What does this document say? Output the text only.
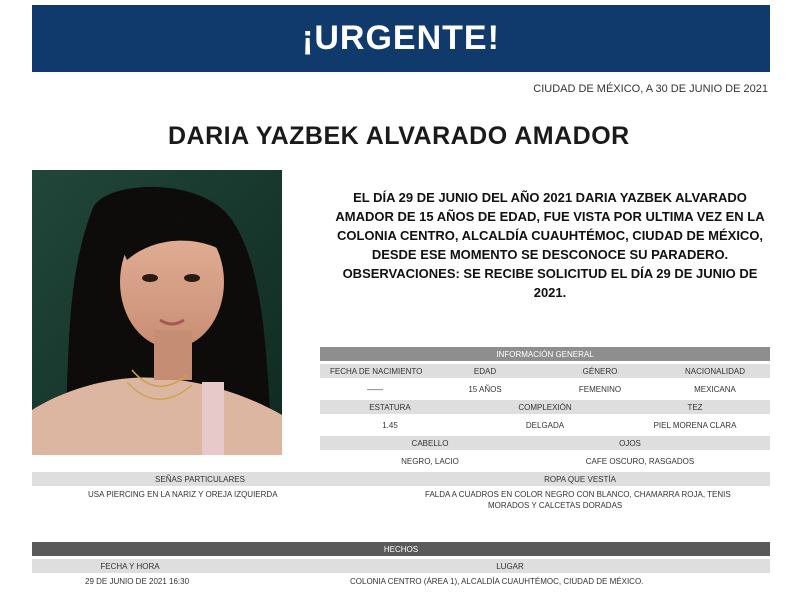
¡URGENTE!
CIUDAD DE MÉXICO, A 30 DE JUNIO DE 2021
DARIA YAZBEK ALVARADO AMADOR
EL DÍA 29 DE JUNIO DEL AÑO 2021 DARIA YAZBEK ALVARADO AMADOR DE 15 AÑOS DE EDAD, FUE VISTA POR ULTIMA VEZ EN LA COLONIA CENTRO, ALCALDÍA CUAUHTÉMOC, CIUDAD DE MÉXICO, DESDE ESE MOMENTO SE DESCONOCE SU PARADERO. OBSERVACIONES: SE RECIBE SOLICITUD EL DÍA 29 DE JUNIO DE 2021.
INFORMACIÓN GENERAL
FECHA DE NACIMIENTO	EDAD	GÉNERO	NACIONALIDAD
——	15 AÑOS	FEMENINO	MEXICANA
ESTATURA	COMPLEXIÓN	TEZ
1.45	DELGADA	PIEL MORENA CLARA
CABELLO	OJOS
NEGRO, LACIO	CAFE OSCURO, RASGADOS
SEÑAS PARTICULARES	ROPA QUE VESTÍA
USA PIERCING EN LA NARIZ Y OREJA IZQUIERDA	FALDA A CUADROS EN COLOR NEGRO CON BLANCO, CHAMARRA ROJA, TENIS
MORADOS Y CALCETAS DORADAS
HECHOS
FECHA Y HORA	LUGAR
29 DE JUNIO DE 2021 16:30	COLONIA CENTRO (ÁREA 1), ALCALDÍA CUAUHTÉMOC, CIUDAD DE MÉXICO.
